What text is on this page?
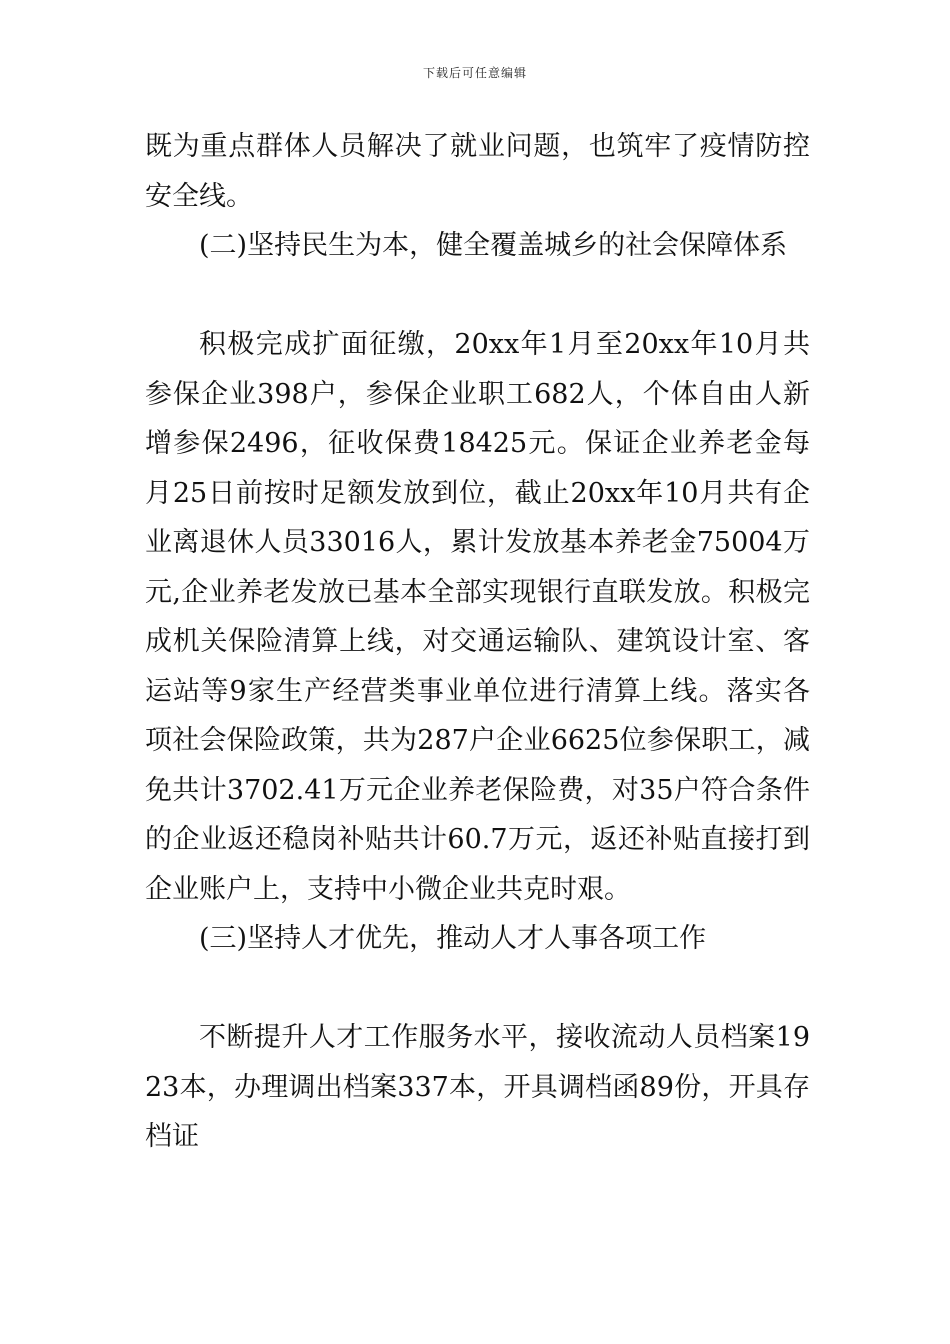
下载后可任意编辑

既为重点群体人员解决了就业问题，也筑牢了疫情防控安全线。

(二)坚持民生为本，健全覆盖城乡的社会保障体系

积极完成扩面征缴，20xx年1月至20xx年10月共参保企业398户，参保企业职工682人，个体自由人新增参保2496，征收保费18425元。保证企业养老金每月25日前按时足额发放到位，截止20xx年10月共有企业离退休人员33016人，累计发放基本养老金75004万元,企业养老发放已基本全部实现银行直联发放。积极完成机关保险清算上线，对交通运输队、建筑设计室、客运站等9家生产经营类事业单位进行清算上线。落实各项社会保险政策，共为287户企业6625位参保职工，减免共计3702.41万元企业养老保险费，对35户符合条件的企业返还稳岗补贴共计60.7万元，返还补贴直接打到企业账户上，支持中小微企业共克时艰。

(三)坚持人才优先，推动人才人事各项工作

不断提升人才工作服务水平，接收流动人员档案1923本，办理调出档案337本，开具调档函89份，开具存档证
